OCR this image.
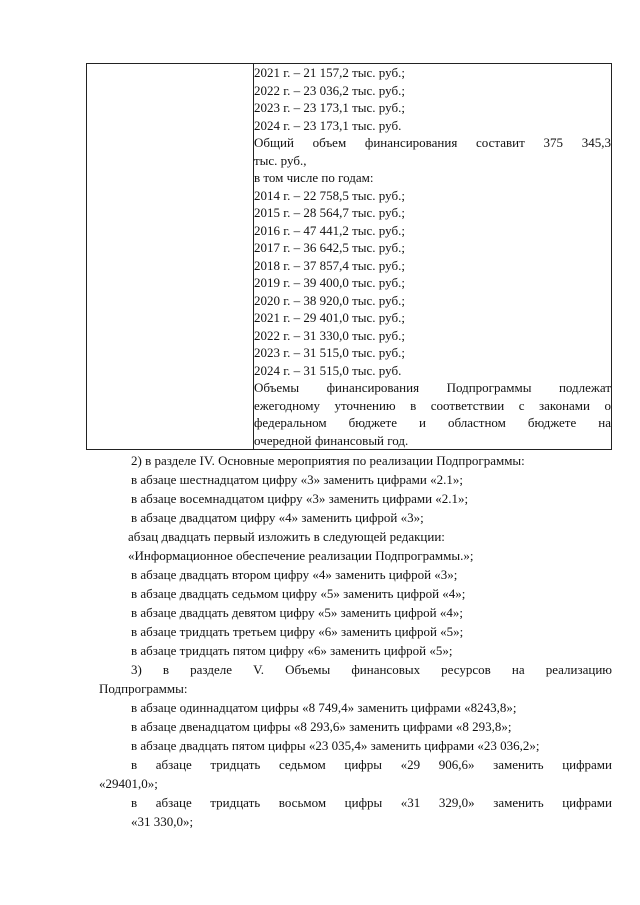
2021 г. – 21 157,2 тыс. руб.;
2022 г. – 23 036,2 тыс. руб.;
2023 г. – 23 173,1 тыс. руб.;
2024 г. – 23 173,1 тыс. руб.
Общий объем финансирования составит 375 345,3
тыс. руб.,
в том числе по годам:
2014 г. – 22 758,5 тыс. руб.;
2015 г. – 28 564,7 тыс. руб.;
2016 г. – 47 441,2 тыс. руб.;
2017 г. – 36 642,5 тыс. руб.;
2018 г. – 37 857,4 тыс. руб.;
2019 г. – 39 400,0 тыс. руб.;
2020 г. – 38 920,0 тыс. руб.;
2021 г. – 29 401,0 тыс. руб.;
2022 г. – 31 330,0 тыс. руб.;
2023 г. – 31 515,0 тыс. руб.;
2024 г. – 31 515,0 тыс. руб.
Объемы финансирования Подпрограммы подлежат
ежегодному уточнению в соответствии с законами о
федеральном бюджете и областном бюджете на
очередной финансовый год.
2) в разделе IV. Основные мероприятия по реализации Подпрограммы:
в абзаце шестнадцатом цифру «3» заменить цифрами «2.1»;
в абзаце восемнадцатом цифру «3» заменить цифрами «2.1»;
в абзаце двадцатом цифру «4» заменить цифрой «3»;
абзац двадцать первый изложить в следующей редакции:
«Информационное обеспечение реализации Подпрограммы.»;
в абзаце двадцать втором цифру «4» заменить цифрой «3»;
в абзаце двадцать седьмом цифру «5» заменить цифрой «4»;
в абзаце двадцать девятом цифру «5» заменить цифрой «4»;
в абзаце тридцать третьем цифру «6» заменить цифрой «5»;
в абзаце тридцать пятом цифру «6» заменить цифрой «5»;
3) в разделе V. Объемы финансовых ресурсов на реализацию
Подпрограммы:
в абзаце одиннадцатом цифры «8 749,4» заменить цифрами «8243,8»;
в абзаце двенадцатом цифры «8 293,6» заменить цифрами «8 293,8»;
в абзаце двадцать пятом цифры «23 035,4» заменить цифрами «23 036,2»;
в абзаце тридцать седьмом цифры «29 906,6» заменить цифрами
«29401,0»;
в абзаце тридцать восьмом цифры «31 329,0» заменить цифрами
«31 330,0»;
